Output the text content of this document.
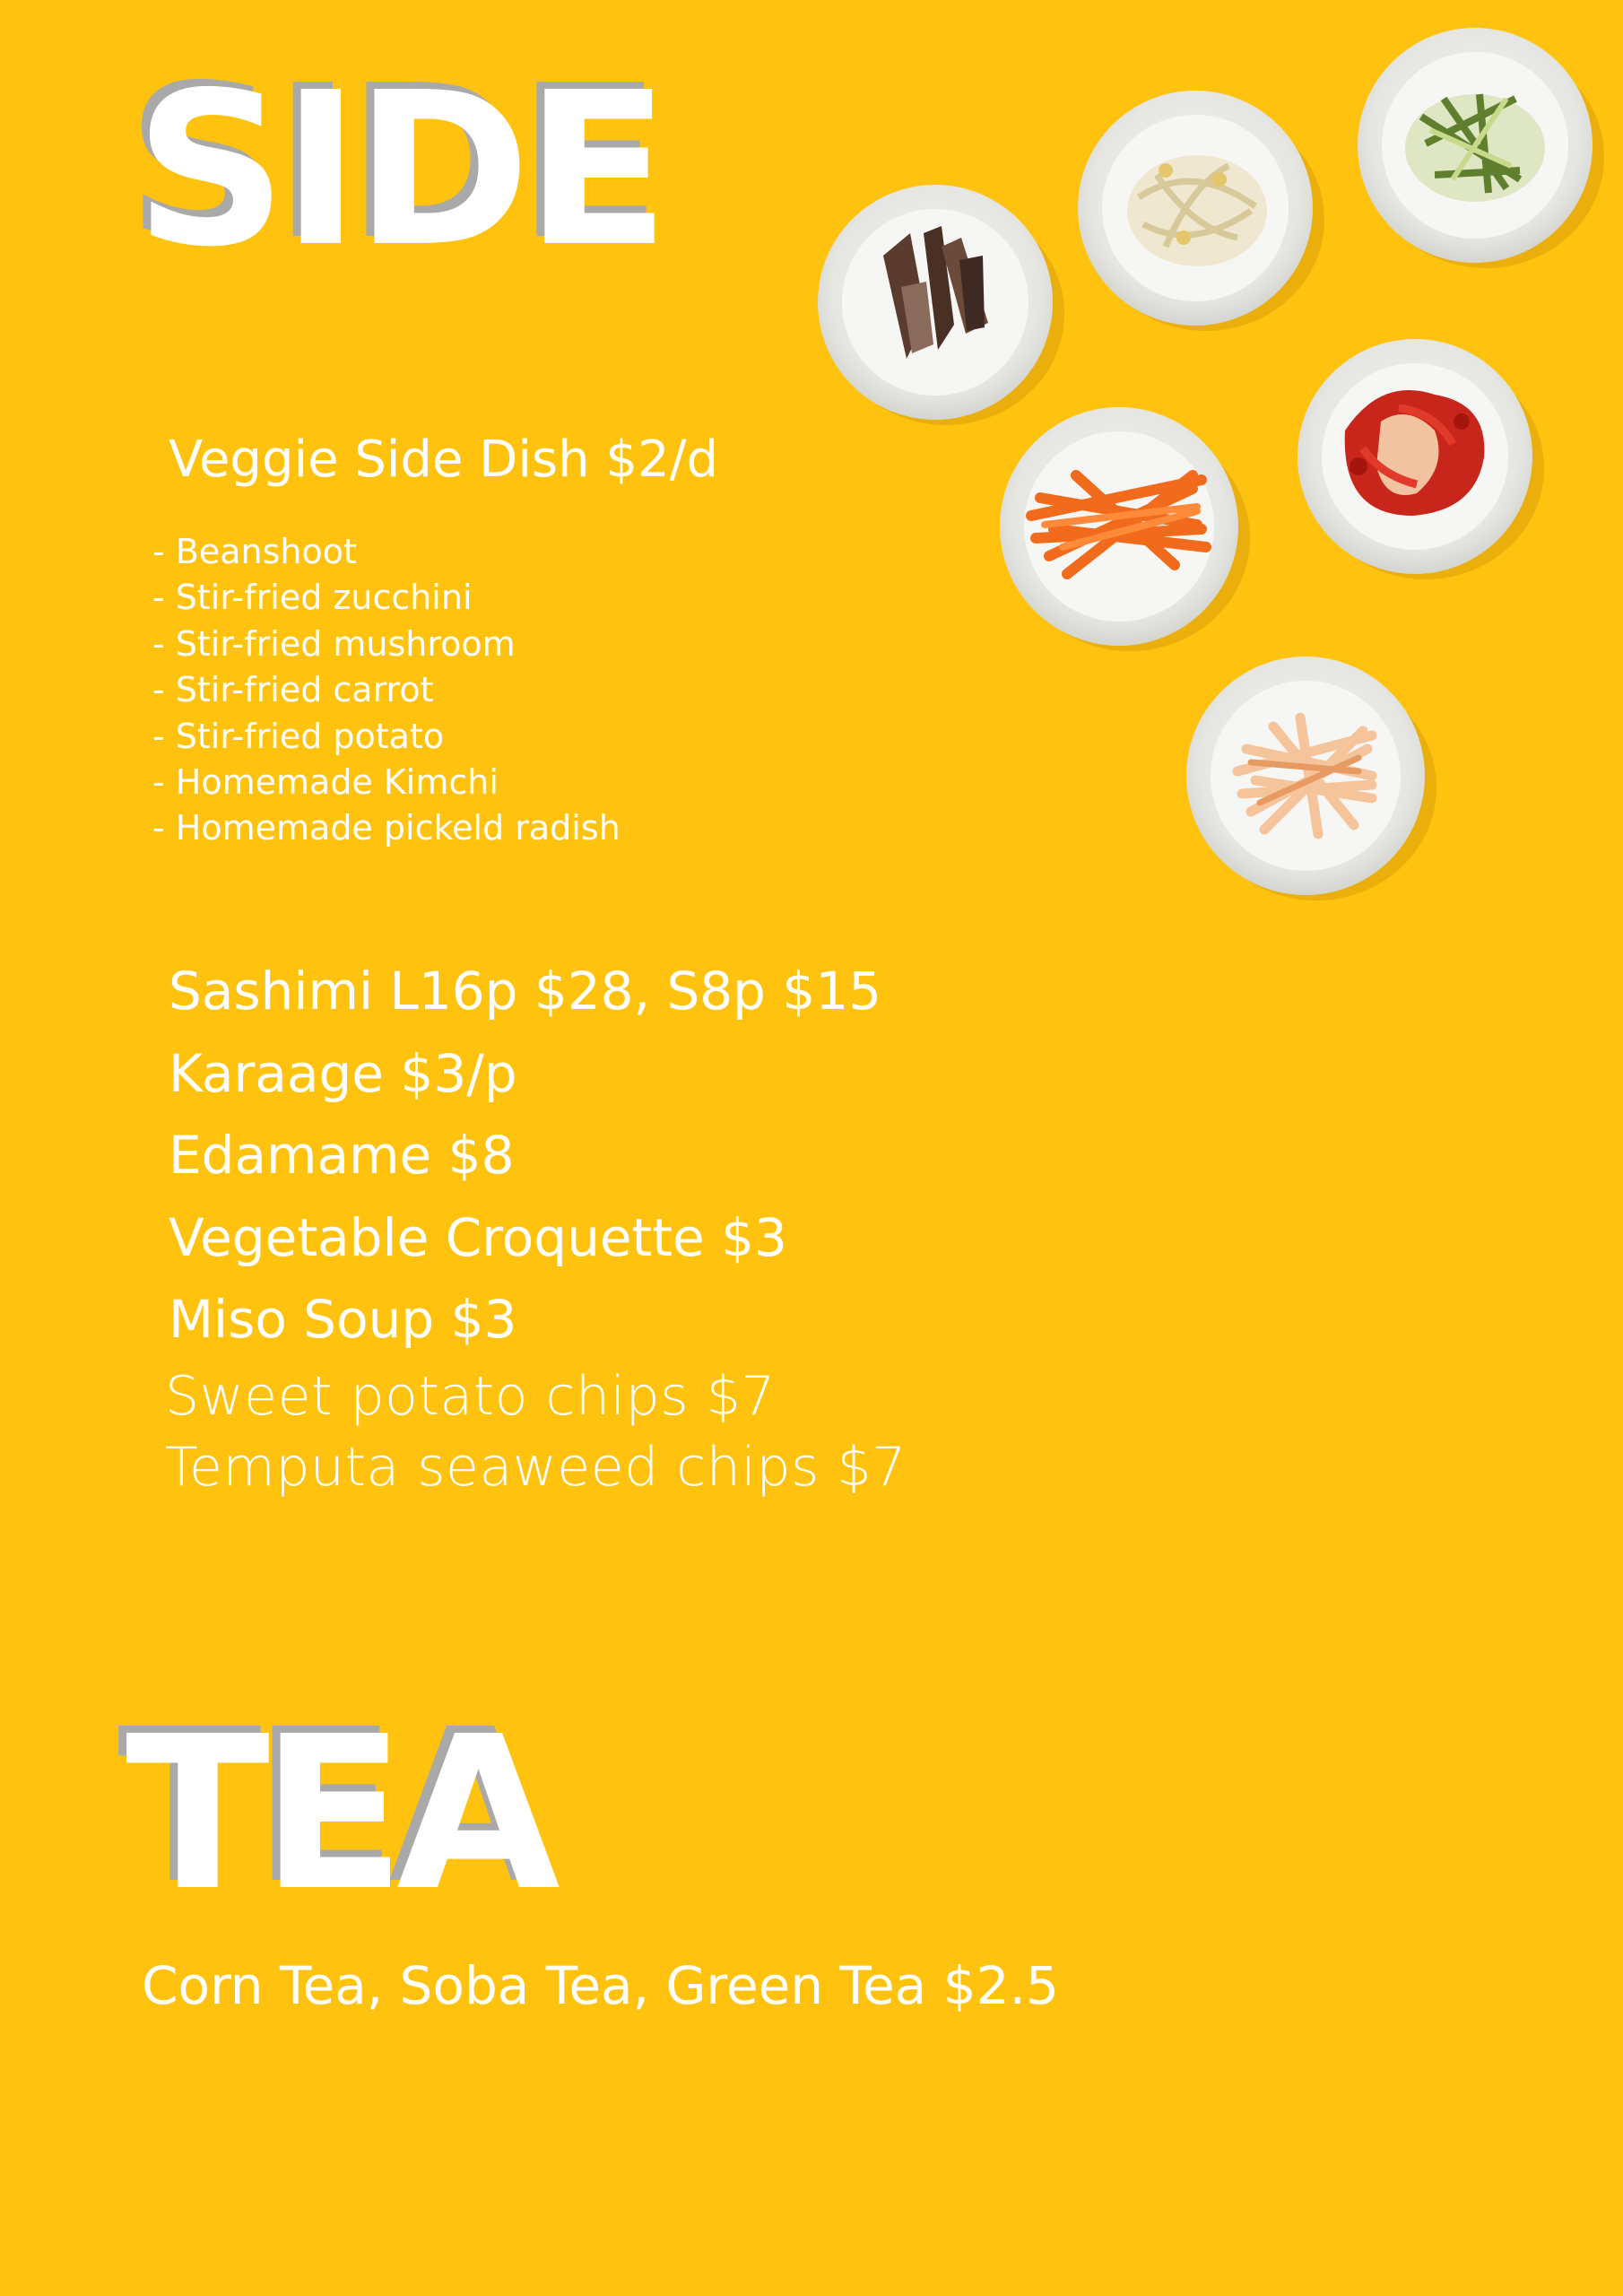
SIDE
Veggie Side Dish $2/d
- Beanshoot
- Stir-fried zucchini
- Stir-fried mushroom
- Stir-fried carrot
- Stir-fried potato
- Homemade Kimchi
- Homemade pickeld radish
Sashimi L16p $28, S8p $15
Karaage $3/p
Edamame $8
Vegetable Croquette $3
Miso Soup $3
Sweet potato chips $7
Temputa seaweed chips $7
TEA
Corn Tea, Soba Tea, Green Tea $2.5
